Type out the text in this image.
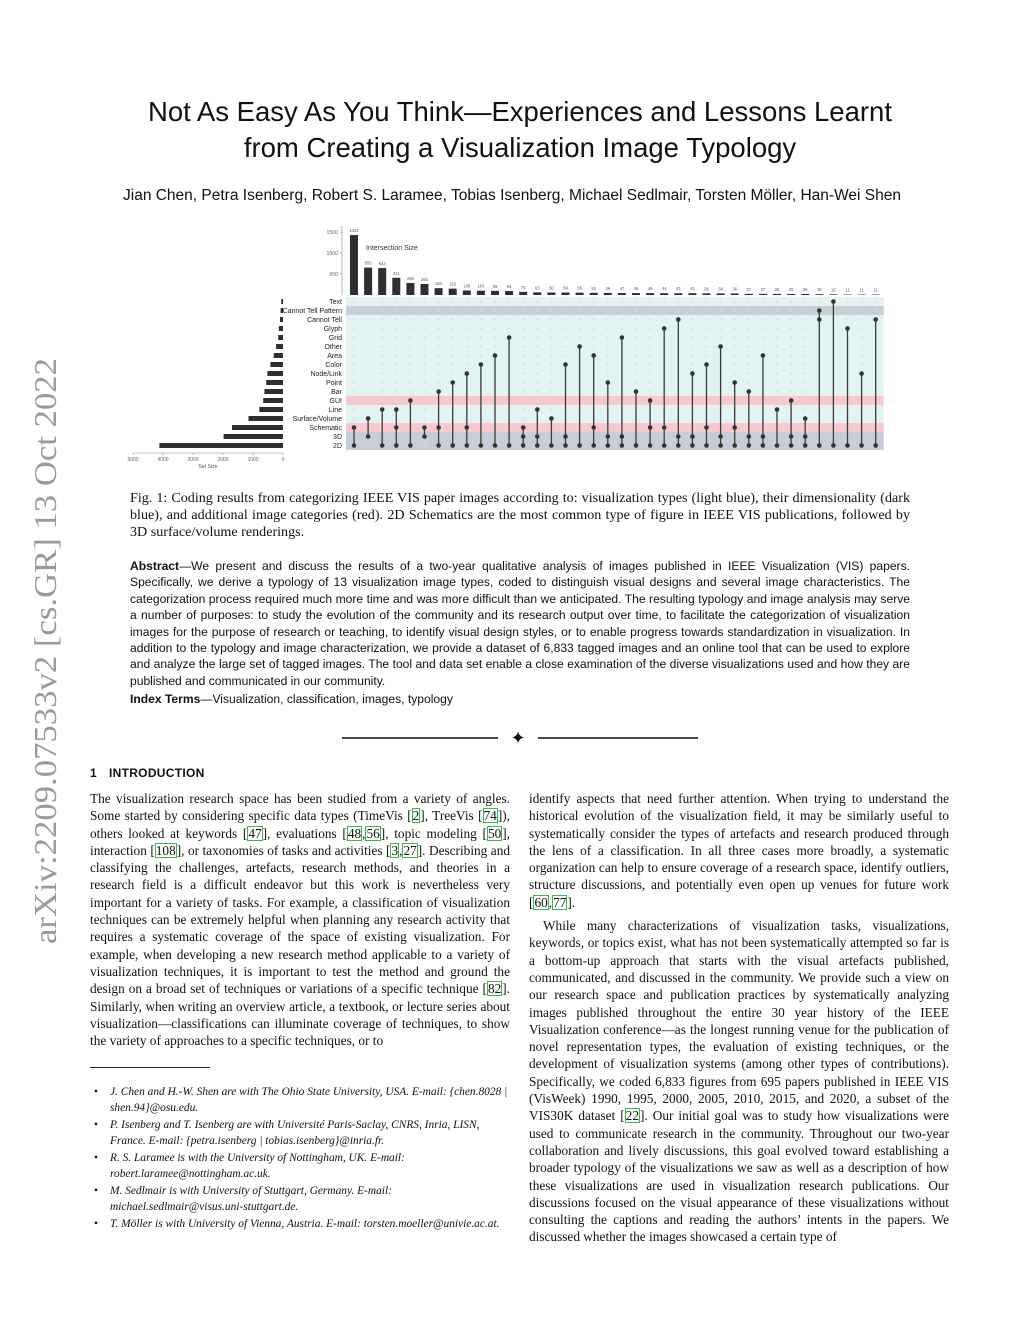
arXiv:2209.07533v2 [cs.GR] 13 Oct 2022
Not As Easy As You Think—Experiences and Lessons Learnt
from Creating a Visualization Image Typology
Jian Chen, Petra Isenberg, Robert S. Laramee, Tobias Isenberg, Michael Sedlmair, Torsten Möller, Han-Wei Shen
1432
655 643
411
288 263
164 152 108 103 99 94 75 63 60 59 55 52 49 47 46 45 44 43 43 39 38 36 27 27 26 25 25 19 15 11 11 11
1500
1000
500
Intersection Size
Text
Cannot Tell Pattern
Cannot Tell
Glyph
Grid
Other
Area
Color
Node/Link
Point
Bar
GUI
Line
Surface/Volume
Schematic
3D
2D
5000	4000	3000	2000	1000	0
Set Size
Fig. 1: Coding results from categorizing IEEE VIS paper images according to: visualization types (light blue), their dimensionality (dark blue), and additional image categories (red). 2D Schematics are the most common type of figure in IEEE VIS publications, followed by 3D surface/volume renderings.
Abstract—We present and discuss the results of a two-year qualitative analysis of images published in IEEE Visualization (VIS) papers. Specifically, we derive a typology of 13 visualization image types, coded to distinguish visual designs and several image characteristics. The categorization process required much more time and was more difficult than we anticipated. The resulting typology and image analysis may serve a number of purposes: to study the evolution of the community and its research output over time, to facilitate the categorization of visualization images for the purpose of research or teaching, to identify visual design styles, or to enable progress towards standardization in visualization. In addition to the typology and image characterization, we provide a dataset of 6,833 tagged images and an online tool that can be used to explore and analyze the large set of tagged images. The tool and data set enable a close examination of the diverse visualizations used and how they are published and communicated in our community.
Index Terms—Visualization, classification, images, typology
✦
1 INTRODUCTION

The visualization research space has been studied from a variety of angles. Some started by considering specific data types (TimeVis [2], TreeVis [74]), others looked at keywords [47], evaluations [48,56], topic modeling [50], interaction [108], or taxonomies of tasks and activities [3,27]. Describing and classifying the challenges, artefacts, research methods, and theories in a research field is a difficult endeavor but this work is nevertheless very important for a variety of tasks. For example, a classification of visualization techniques can be extremely helpful when planning any research activity that requires a systematic coverage of the space of existing visualization. For example, when developing a new research method applicable to a variety of visualization techniques, it is important to test the method and ground the design on a broad set of techniques or variations of a specific technique [82]. Similarly, when writing an overview article, a textbook, or lecture series about visualization—classifications can illuminate coverage of techniques, to show the variety of approaches to a specific techniques, or to

identify aspects that need further attention. When trying to understand the historical evolution of the visualization field, it may be similarly useful to systematically consider the types of artefacts and research produced through the lens of a classification. In all three cases more broadly, a systematic organization can help to ensure coverage of a research space, identify outliers, structure discussions, and potentially even open up venues for future work [60,77].

While many characterizations of visualization tasks, visualizations, keywords, or topics exist, what has not been systematically attempted so far is a bottom-up approach that starts with the visual artefacts published, communicated, and discussed in the community. We provide such a view on our research space and publication practices by systematically analyzing images published throughout the entire 30 year history of the IEEE Visualization conference—as the longest running venue for the publication of novel representation types, the evaluation of existing techniques, or the development of visualization systems (among other types of contributions). Specifically, we coded 6,833 figures from 695 papers published in IEEE VIS (VisWeek) 1990, 1995, 2000, 2005, 2010, 2015, and 2020, a subset of the VIS30K dataset [22]. Our initial goal was to study how visualizations were used to communicate research in the community. Throughout our two-year collaboration and lively discussions, this goal evolved toward establishing a broader typology of the visualizations we saw as well as a description of how these visualizations are used in visualization research publications. Our discussions focused on the visual appearance of these visualizations without consulting the captions and reading the authors’ intents in the papers. We discussed whether the images showcased a certain type of

• J. Chen and H.-W. Shen are with The Ohio State University, USA. E-mail: {chen.8028 | shen.94}@osu.edu.
• P. Isenberg and T. Isenberg are with Université Paris-Saclay, CNRS, Inria, LISN, France. E-mail: {petra.isenberg | tobias.isenberg}@inria.fr.
• R. S. Laramee is with the University of Nottingham, UK. E-mail: robert.laramee@nottingham.ac.uk.
• M. Sedlmair is with University of Stuttgart, Germany. E-mail: michael.sedlmair@visus.uni-stuttgart.de.
• T. Möller is with University of Vienna, Austria. E-mail: torsten.moeller@univie.ac.at.
